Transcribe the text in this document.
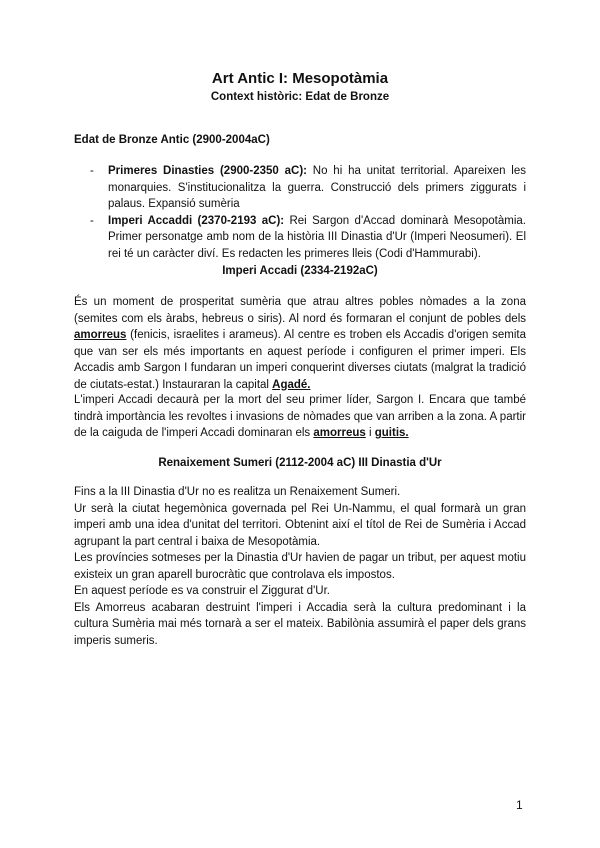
Art Antic I: Mesopotàmia
Context històric: Edat de Bronze
Edat de Bronze Antic (2900-2004aC)
- Primeres Dinasties (2900-2350 aC): No hi ha unitat territorial. Apareixen les monarquies. S'institucionalitza la guerra. Construcció dels primers ziggurats i palaus. Expansió sumèria
- Imperi Accaddi (2370-2193 aC): Rei Sargon d'Accad dominarà Mesopotàmia. Primer personatge amb nom de la història III Dinastia d'Ur (Imperi Neosumeri). El rei té un caràcter diví. Es redacten les primeres lleis (Codi d'Hammurabi).
Imperi Accadi (2334-2192aC)

És un moment de prosperitat sumèria que atrau altres pobles nòmades a la zona (semites com els àrabs, hebreus o siris). Al nord és formaran el conjunt de pobles dels amorreus (fenicis, israelites i arameus). Al centre es troben els Accadis d'origen semita que van ser els més importants en aquest període i configuren el primer imperi. Els Accadis amb Sargon I fundaran un imperi conquerint diverses ciutats (malgrat la tradició de ciutats-estat.) Instauraran la capital Agadé.

L'imperi Accadi decaurà per la mort del seu primer líder, Sargon I. Encara que també tindrà importància les revoltes i invasions de nòmades que van arriben a la zona. A partir de la caiguda de l'imperi Accadi dominaran els amorreus i guitis.

Renaixement Sumeri (2112-2004 aC) III Dinastia d'Ur
Fins a la III Dinastia d'Ur no es realitza un Renaixement Sumeri.
Ur serà la ciutat hegemònica governada pel Rei Un-Nammu, el qual formarà un gran imperi amb una idea d'unitat del territori. Obtenint així el títol de Rei de Sumèria i Accad agrupant la part central i baixa de Mesopotàmia.
Les províncies sotmeses per la Dinastia d'Ur havien de pagar un tribut, per aquest motiu existeix un gran aparell burocràtic que controlava els impostos.
En aquest període es va construir el Ziggurat d'Ur.
Els Amorreus acabaran destruint l'imperi i Accadia serà la cultura predominant i la cultura Sumèria mai més tornarà a ser el mateix. Babilònia assumirà el paper dels grans imperis sumeris.
1
